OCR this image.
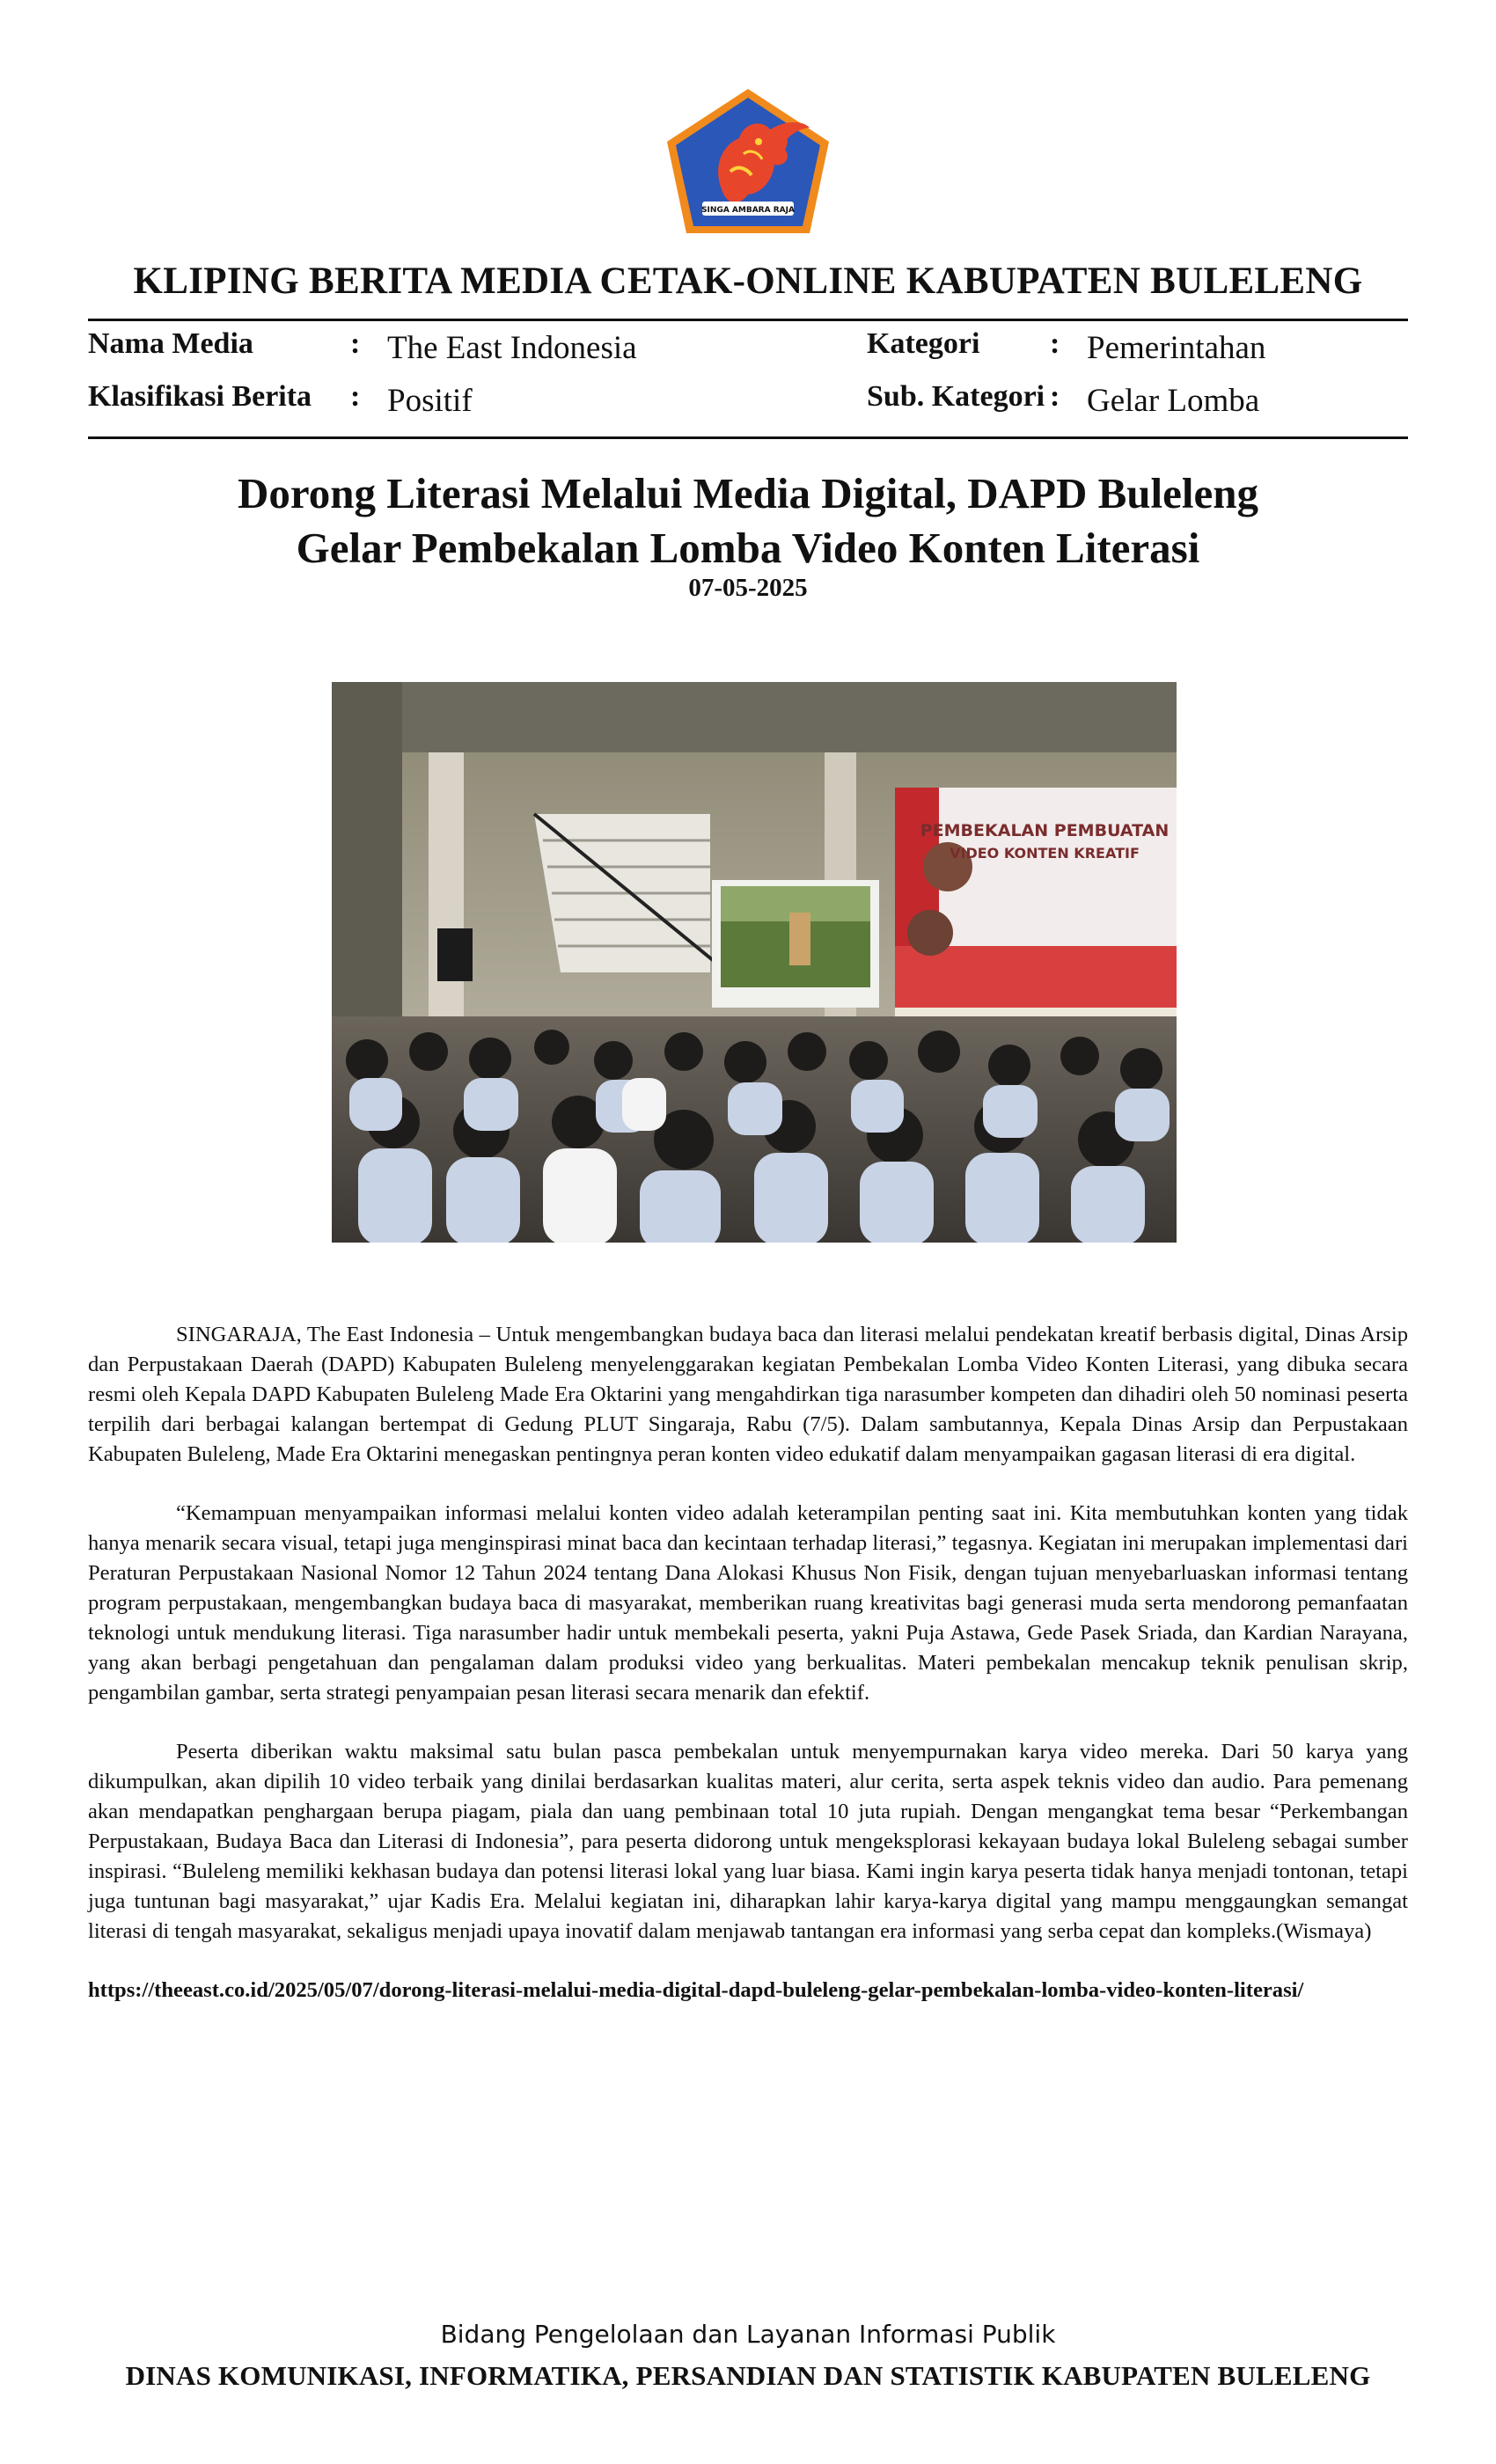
SINGA AMBARA RAJA
KLIPING BERITA MEDIA CETAK-ONLINE KABUPATEN BULELENG
Nama Media	: The East Indonesia	Kategori : Pemerintahan
Klasifikasi Berita : Positif	Sub. Kategori : Gelar Lomba
Dorong Literasi Melalui Media Digital, DAPD Buleleng
Gelar Pembekalan Lomba Video Konten Literasi
07-05-2025
PEMBEKALAN PEMBUATAN
VIDEO KONTEN KREATIF

SINGARAJA, The East Indonesia – Untuk mengembangkan budaya baca dan literasi melalui pendekatan kreatif berbasis digital, Dinas Arsip dan Perpustakaan Daerah (DAPD) Kabupaten Buleleng menyelenggarakan kegiatan Pembekalan Lomba Video Konten Literasi, yang dibuka secara resmi oleh Kepala DAPD Kabupaten Buleleng Made Era Oktarini yang mengahdirkan tiga narasumber kompeten dan dihadiri oleh 50 nominasi peserta terpilih dari berbagai kalangan bertempat di Gedung PLUT Singaraja, Rabu (7/5). Dalam sambutannya, Kepala Dinas Arsip dan Perpustakaan Kabupaten Buleleng, Made Era Oktarini menegaskan pentingnya peran konten video edukatif dalam menyampaikan gagasan literasi di era digital.

“Kemampuan menyampaikan informasi melalui konten video adalah keterampilan penting saat ini. Kita membutuhkan konten yang tidak hanya menarik secara visual, tetapi juga menginspirasi minat baca dan kecintaan terhadap literasi,” tegasnya. Kegiatan ini merupakan implementasi dari Peraturan Perpustakaan Nasional Nomor 12 Tahun 2024 tentang Dana Alokasi Khusus Non Fisik, dengan tujuan menyebarluaskan informasi tentang program perpustakaan, mengembangkan budaya baca di masyarakat, memberikan ruang kreativitas bagi generasi muda serta mendorong pemanfaatan teknologi untuk mendukung literasi. Tiga narasumber hadir untuk membekali peserta, yakni Puja Astawa, Gede Pasek Sriada, dan Kardian Narayana, yang akan berbagi pengetahuan dan pengalaman dalam produksi video yang berkualitas. Materi pembekalan mencakup teknik penulisan skrip, pengambilan gambar, serta strategi penyampaian pesan literasi secara menarik dan efektif.

Peserta diberikan waktu maksimal satu bulan pasca pembekalan untuk menyempurnakan karya video mereka. Dari 50 karya yang dikumpulkan, akan dipilih 10 video terbaik yang dinilai berdasarkan kualitas materi, alur cerita, serta aspek teknis video dan audio. Para pemenang akan mendapatkan penghargaan berupa piagam, piala dan uang pembinaan total 10 juta rupiah. Dengan mengangkat tema besar “Perkembangan Perpustakaan, Budaya Baca dan Literasi di Indonesia”, para peserta didorong untuk mengeksplorasi kekayaan budaya lokal Buleleng sebagai sumber inspirasi. “Buleleng memiliki kekhasan budaya dan potensi literasi lokal yang luar biasa. Kami ingin karya peserta tidak hanya menjadi tontonan, tetapi juga tuntunan bagi masyarakat,” ujar Kadis Era. Melalui kegiatan ini, diharapkan lahir karya-karya digital yang mampu menggaungkan semangat literasi di tengah masyarakat, sekaligus menjadi upaya inovatif dalam menjawab tantangan era informasi yang serba cepat dan kompleks.(Wismaya)

https://theeast.co.id/2025/05/07/dorong-literasi-melalui-media-digital-dapd-buleleng-gelar-pembekalan-lomba-video-konten-literasi/
Bidang Pengelolaan dan Layanan Informasi Publik
DINAS KOMUNIKASI, INFORMATIKA, PERSANDIAN DAN STATISTIK KABUPATEN BULELENG
